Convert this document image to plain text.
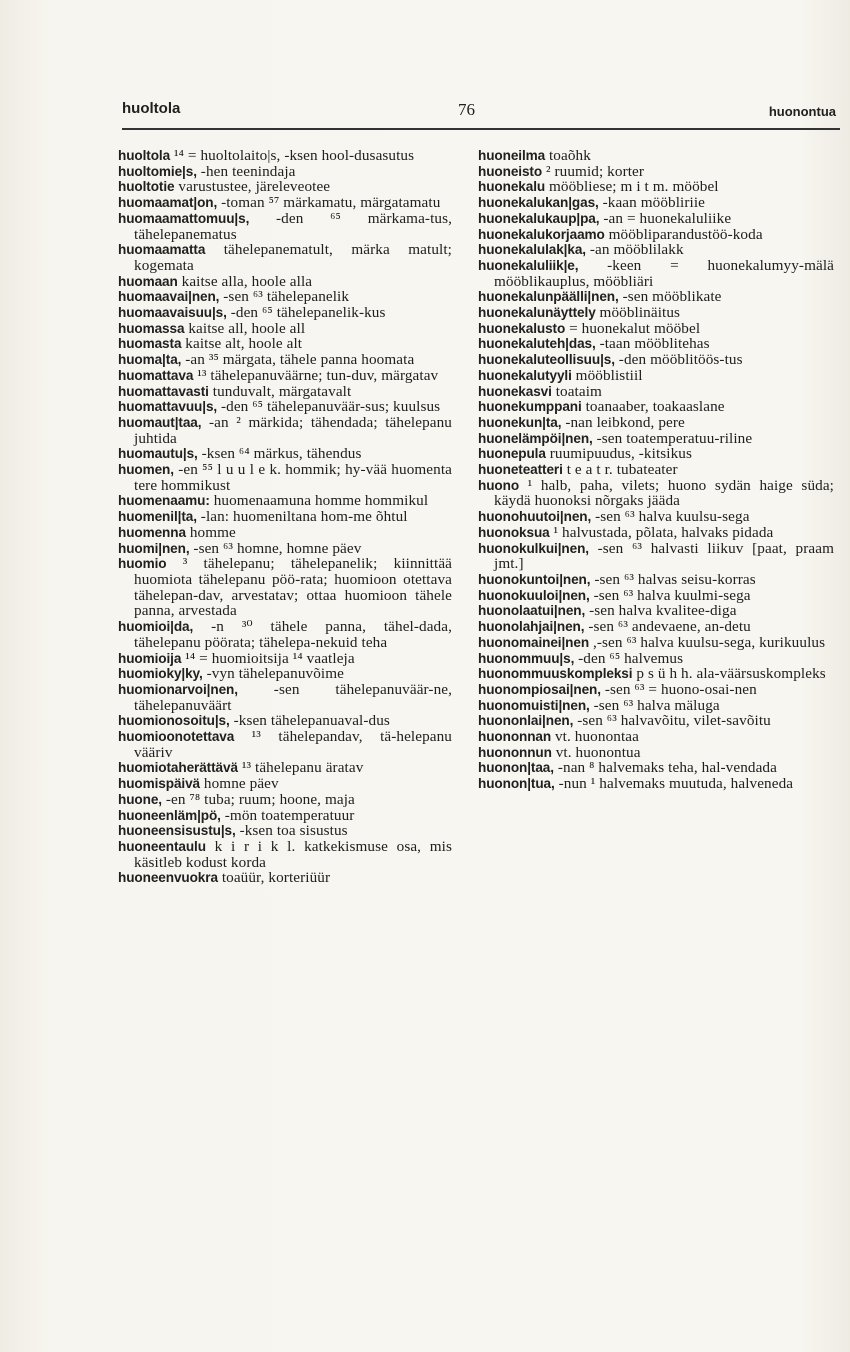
huoltola	76	huonontua

huoltola ¹⁴ = huoltolaito|s, -ksen hool-dusasutus

huoltomie|s, -hen teenindaja

huoltotie varustustee, järeleveotee

huomaamat|on, -toman ⁵⁷ märkamatu, märgatamatu

huomaamattomuu|s, -den ⁶⁵ märkama-tus, tähelepanematus

huomaamatta tähelepanematult, märka matult; kogemata

huomaan kaitse alla, hoole alla

huomaavai|nen, -sen ⁶³ tähelepanelik

huomaavaisuu|s, -den ⁶⁵ tähelepanelik-kus

huomassa kaitse all, hoole all

huomasta kaitse alt, hoole alt

huoma|ta, -an ³⁵ märgata, tähele panna hoomata

huomattava ¹³ tähelepanuväärne; tun-duv, märgatav

huomattavasti tunduvalt, märgatavalt

huomattavuu|s, -den ⁶⁵ tähelepanuväär-sus; kuulsus

huomaut|taa, -an ² märkida; tähendada; tähelepanu juhtida

huomautu|s, -ksen ⁶⁴ märkus, tähendus

huomen, -en ⁵⁵ l u u l e k. hommik; hy-vää huomenta tere hommikust

huomenaamu: huomenaamuna homme hommikul

huomenil|ta, -lan: huomeniltana hom-me õhtul

huomenna homme

huomi|nen, -sen ⁶³ homne, homne päev

huomio ³ tähelepanu; tähelepanelik; kiinnittää huomiota tähelepanu pöö-rata; huomioon otettava tähelepan-dav, arvestatav; ottaa huomioon tähele panna, arvestada

huomioi|da, -n ³⁰ tähele panna, tähel-dada, tähelepanu pöörata; tähelepa-nekuid teha

huomioija ¹⁴ = huomioitsija ¹⁴ vaatleja

huomioky|ky, -vyn tähelepanuvõime

huomionarvoi|nen, -sen tähelepanuväär-ne, tähelepanuväärt

huomionosoitu|s, -ksen tähelepanuaval-dus

huomioonotettava ¹³ tähelepandav, tä-helepanu vääriv

huomiotaherättävä ¹³ tähelepanu äratav

huomispäivä homne päev

huone, -en ⁷⁸ tuba; ruum; hoone, maja

huoneenläm|pö, -mön toatemperatuur

huoneensisustu|s, -ksen toa sisustus

huoneentaulu k i r i k l. katkekismuse osa, mis käsitleb kodust korda

huoneenvuokra toaüür, korteriüür

huoneilma toaõhk

huoneisto ² ruumid; korter

huonekalu mööbliese; m i t m. mööbel

huonekalukan|gas, -kaan mööbliriie

huonekalukaup|pa, -an = huonekaluliike

huonekalukorjaamo mööbliparandustöö-koda

huonekalulak|ka, -an mööblilakk

huonekaluliik|e, -keen = huonekalumyy-mälä mööblikauplus, mööbliäri

huonekalunpäälli|nen, -sen mööblikate

huonekalunäyttely mööblinäitus

huonekalusto = huonekalut mööbel

huonekaluteh|das, -taan mööblitehas

huonekaluteollisuu|s, -den mööblitöös-tus

huonekalutyyli mööblistiil

huonekasvi toataim

huonekumppani toanaaber, toakaaslane

huonekun|ta, -nan leibkond, pere

huonelämpöi|nen, -sen toatemperatuu-riline

huonepula ruumipuudus, -kitsikus

huoneteatteri t e a t r. tubateater

huono ¹ halb, paha, vilets; huono sydän haige süda; käydä huonoksi nõrgaks jääda

huonohuutoi|nen, -sen ⁶³ halva kuulsu-sega

huonoksua ¹ halvustada, põlata, halvaks pidada

huonokulkui|nen, -sen ⁶³ halvasti liikuv [paat, praam jmt.]

huonokuntoi|nen, -sen ⁶³ halvas seisu-korras

huonokuuloi|nen, -sen ⁶³ halva kuulmi-sega

huonolaatui|nen, -sen halva kvalitee-diga

huonolahjai|nen, -sen ⁶³ andevaene, an-detu

huonomainei|nen ,-sen ⁶³ halva kuulsu-sega, kurikuulus

huonommuu|s, -den ⁶⁵ halvemus

huonommuuskompleksi p s ü h h. ala-väärsuskompleks

huonompiosai|nen, -sen ⁶³ = huono-osai-nen

huonomuisti|nen, -sen ⁶³ halva mäluga

huononlai|nen, -sen ⁶³ halvavõitu, vilet-savõitu

huononnan vt. huonontaa

huononnun vt. huonontua

huonon|taa, -nan ⁸ halvemaks teha, hal-vendada

huonon|tua, -nun ¹ halvemaks muutuda, halveneda
